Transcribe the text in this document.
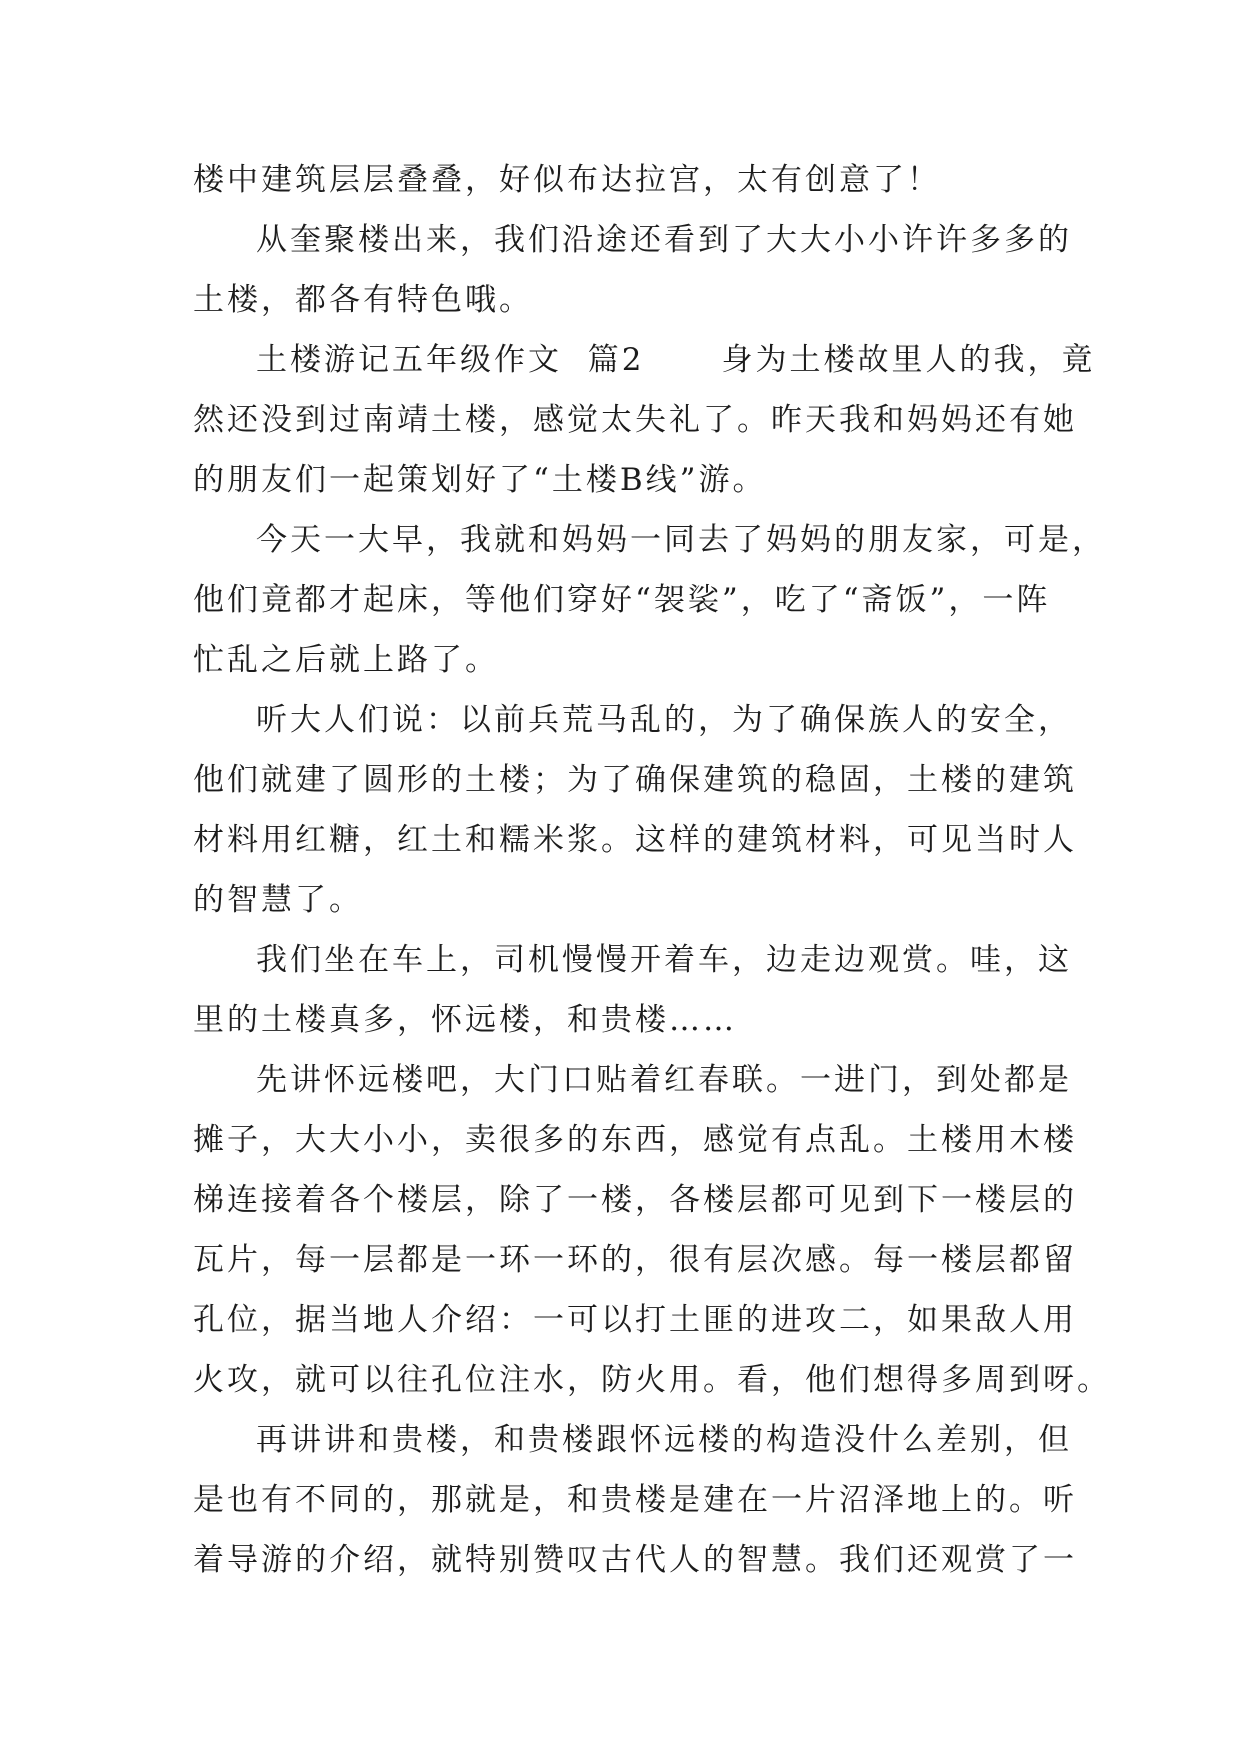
楼中建筑层层叠叠，好似布达拉宫，太有创意了！
从奎聚楼出来，我们沿途还看到了大大小小许许多多的
土楼，都各有特色哦。
土楼游记五年级作文  篇2      身为土楼故里人的我，竟
然还没到过南靖土楼，感觉太失礼了。昨天我和妈妈还有她
的朋友们一起策划好了“土楼B线”游。
今天一大早，我就和妈妈一同去了妈妈的朋友家，可是，
他们竟都才起床，等他们穿好“袈裟”，吃了“斋饭”，一阵
忙乱之后就上路了。
听大人们说：以前兵荒马乱的，为了确保族人的安全，
他们就建了圆形的土楼；为了确保建筑的稳固，土楼的建筑
材料用红糖，红土和糯米浆。这样的建筑材料，可见当时人
的智慧了。
我们坐在车上，司机慢慢开着车，边走边观赏。哇，这
里的土楼真多，怀远楼，和贵楼……
先讲怀远楼吧，大门口贴着红春联。一进门，到处都是
摊子，大大小小，卖很多的东西，感觉有点乱。土楼用木楼
梯连接着各个楼层，除了一楼，各楼层都可见到下一楼层的
瓦片，每一层都是一环一环的，很有层次感。每一楼层都留
孔位，据当地人介绍：一可以打土匪的进攻二，如果敌人用
火攻，就可以往孔位注水，防火用。看，他们想得多周到呀。
再讲讲和贵楼，和贵楼跟怀远楼的构造没什么差别，但
是也有不同的，那就是，和贵楼是建在一片沼泽地上的。听
着导游的介绍，就特别赞叹古代人的智慧。我们还观赏了一
